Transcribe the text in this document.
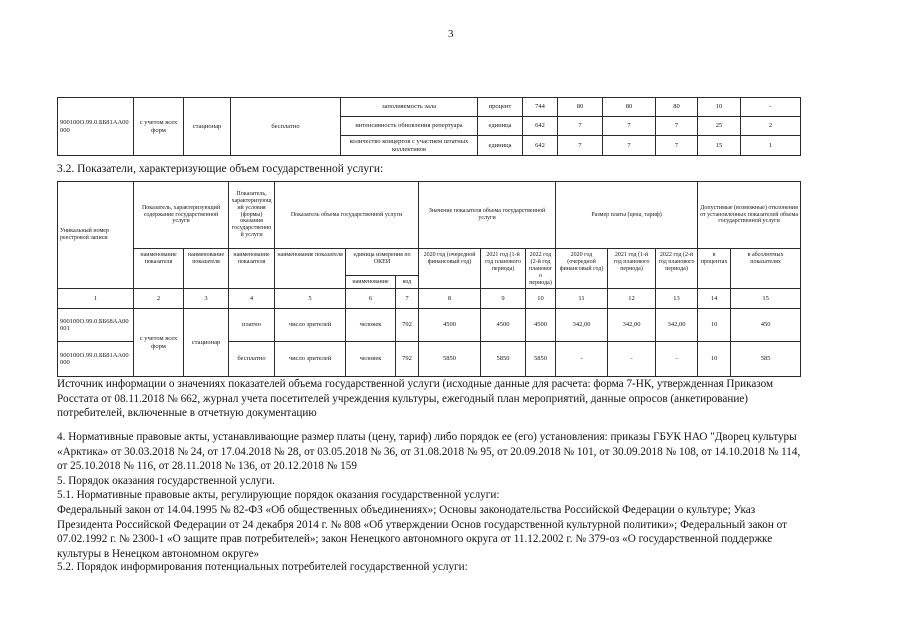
3
900100О.99.0.ББ81АА00 000	с учетом всех форм	стационар	бесплатно	заполняемость зала	процент	744	80	80	80	10	-
				интенсивность обновления репертуара	единица	642	7	7	7	25	2
				количество концертов с участием штатных коллективов	единица	642	7	7	7	15	1
3.2. Показатели, характеризующие объем государственной услуги:
Уникальный номер реестровой записи	Показатель, характеризующий содержание государственной услуги		Показатель, характеризующий условия (формы) оказания государственной услуги	Показатель объема государственной услуги			Значение показателя объема государственной услуги			Размер платы (цена, тариф)			Допустимые (возможные) отклонения от установленных показателей объема государственной услуги	
	наименование показателя	наименование показателя	наименование показателя	наименование показателя	единица измерения по ОКЕИ		2020 год (очередной финансовый год)	2021 год (1-й год планового периода)	2022 год (2-й год планового периода)	2020 год (очередной финансовый год)	2021 год (1-й год планового периода)	2022 год (2-й год планового периода)	в процентах	в абсолютных показателях
					наименование	код								
1	2	3	4	5	6	7	8	9	10	11	12	13	14	15
900100О.99.0.ББ68АА00 001	с учетом всех форм	стационар	платно	число зрителей	человек	792	4500	4500	4500	342,00	342,00	342,00	10	450
900100О.99.0.ББ81АА00 000			бесплатно	число зрителей	человек	792	5850	5850	5850	-	-	-	10	585
Источник информации о значениях показателей объема государственной услуги (исходные данные для расчета: форма 7-НК, утвержденная Приказом Росстата от 08.11.2018 № 662, журнал учета посетителей учреждения культуры, ежегодный план мероприятий, данные опросов (анкетирование) потребителей, включенные в отчетную документацию
4. Нормативные правовые акты, устанавливающие размер платы (цену, тариф) либо порядок ее (его) установления: приказы ГБУК НАО "Дворец культуры «Арктика» от 30.03.2018 № 24, от 17.04.2018 № 28, от 03.05.2018 № 36, от 31.08.2018 № 95, от 20.09.2018 № 101, от 30.09.2018 № 108, от 14.10.2018 № 114, от 25.10.2018 № 116, от 28.11.2018 № 136, от 20.12.2018 № 159
5. Порядок оказания государственной услуги.
5.1. Нормативные правовые акты, регулирующие порядок оказания государственной услуги:
Федеральный закон от 14.04.1995 № 82-ФЗ «Об общественных объединениях»; Основы законодательства Российской Федерации о культуре; Указ Президента Российской Федерации от 24 декабря 2014 г. № 808 «Об утверждении Основ государственной культурной политики»; Федеральный закон от 07.02.1992 г. № 2300-1 «О защите прав потребителей»; закон Ненецкого автономного округа от 11.12.2002 г. № 379-оз «О государственной поддержке культуры в Ненецком автономном округе»
5.2. Порядок информирования потенциальных потребителей государственной услуги:
